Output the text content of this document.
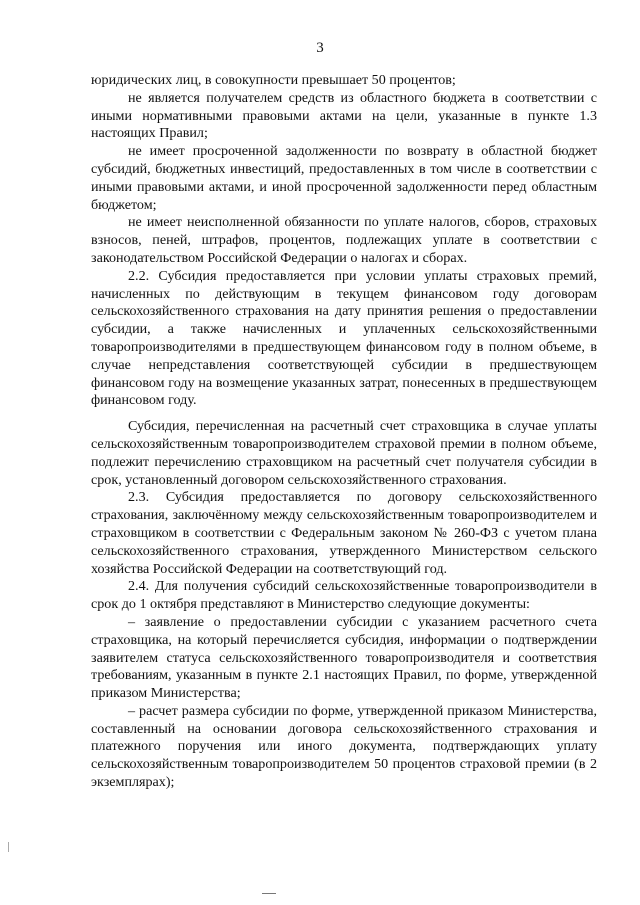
3

юридических лиц, в совокупности превышает 50 процентов;

не является получателем средств из областного бюджета в соответствии с иными нормативными правовыми актами на цели, указанные в пункте 1.3 настоящих Правил;

не имеет просроченной задолженности по возврату в областной бюджет субсидий, бюджетных инвестиций, предоставленных в том числе в соответствии с иными правовыми актами, и иной просроченной задолженности перед областным бюджетом;

не имеет неисполненной обязанности по уплате налогов, сборов, страховых взносов, пеней, штрафов, процентов, подлежащих уплате в соответствии с законодательством Российской Федерации о налогах и сборах.

2.2. Субсидия предоставляется при условии уплаты страховых премий, начисленных по действующим в текущем финансовом году договорам сельскохозяйственного страхования на дату принятия решения о предоставлении субсидии, а также начисленных и уплаченных сельскохозяйственными товаропроизводителями в предшествующем финансовом году в полном объеме, в случае непредставления соответствующей субсидии в предшествующем финансовом году на возмещение указанных затрат, понесенных в предшествующем финансовом году.

Субсидия, перечисленная на расчетный счет страховщика в случае уплаты сельскохозяйственным товаропроизводителем страховой премии в полном объеме, подлежит перечислению страховщиком на расчетный счет получателя субсидии в срок, установленный договором сельскохозяйственного страхования.

2.3. Субсидия предоставляется по договору сельскохозяйственного страхования, заключённому между сельскохозяйственным товаропроизводителем и страховщиком в соответствии с Федеральным законом № 260-ФЗ с учетом плана сельскохозяйственного страхования, утвержденного Министерством сельского хозяйства Российской Федерации на соответствующий год.

2.4. Для получения субсидий сельскохозяйственные товаропроизводители в срок до 1 октября представляют в Министерство следующие документы:

– заявление о предоставлении субсидии с указанием расчетного счета страховщика, на который перечисляется субсидия, информации о подтверждении заявителем статуса сельскохозяйственного товаропроизводителя и соответствия требованиям, указанным в пункте 2.1 настоящих Правил, по форме, утвержденной приказом Министерства;

– расчет размера субсидии по форме, утвержденной приказом Министерства, составленный на основании договора сельскохозяйственного страхования и платежного поручения или иного документа, подтверждающих уплату сельскохозяйственным товаропроизводителем 50 процентов страховой премии (в 2 экземплярах);
